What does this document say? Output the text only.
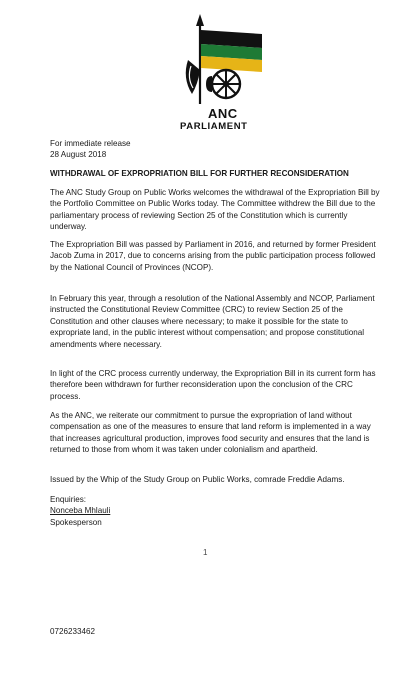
ANC
PARLIAMENT
For immediate release
28 August 2018
WITHDRAWAL OF EXPROPRIATION BILL FOR FURTHER RECONSIDERATION

The ANC Study Group on Public Works welcomes the withdrawal of the Expropriation Bill by the Portfolio Committee on Public Works today. The Committee withdrew the Bill due to the parliamentary process of reviewing Section 25 of the Constitution which is currently underway.

The Expropriation Bill was passed by Parliament in 2016, and returned by former President Jacob Zuma in 2017, due to concerns arising from the public participation process followed by the National Council of Provinces (NCOP).

In February this year, through a resolution of the National Assembly and NCOP, Parliament instructed the Constitutional Review Committee (CRC) to review Section 25 of the Constitution and other clauses where necessary; to make it possible for the state to expropriate land, in the public interest without compensation; and propose constitutional amendments where necessary.

In light of the CRC process currently underway, the Expropriation Bill in its current form has therefore been withdrawn for further reconsideration upon the conclusion of the CRC process.

As the ANC, we reiterate our commitment to pursue the expropriation of land without compensation as one of the measures to ensure that land reform is implemented in a way that increases agricultural production, improves food security and ensures that the land is returned to those from whom it was taken under colonialism and apartheid.

Issued by the Whip of the Study Group on Public Works, comrade Freddie Adams.

Enquiries:
Nonceba Mhlauli
Spokesperson
1
0726233462
